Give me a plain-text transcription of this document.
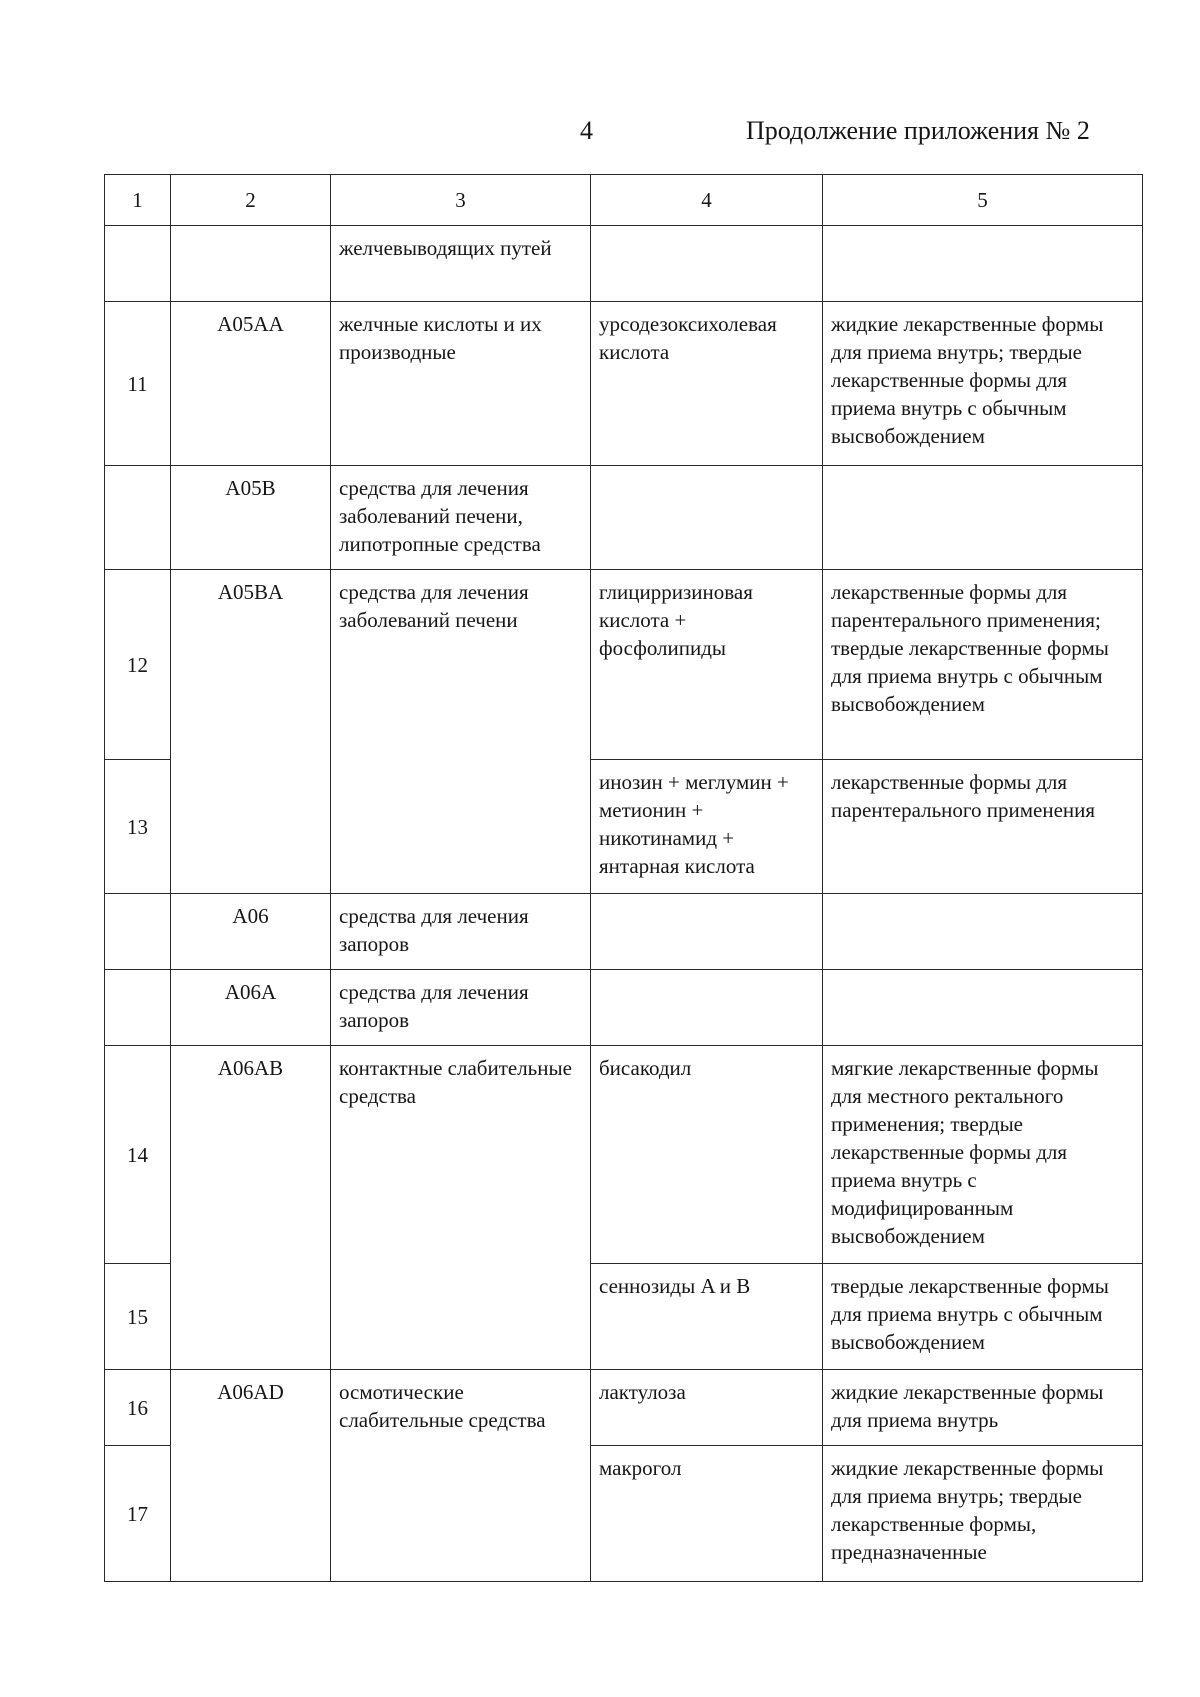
4	Продолжение приложения № 2
1	2	3	4	5
		желчевыводящих путей		
11	A05AA	желчные кислоты и их производные	урсодезоксихолевая кислота	жидкие лекарственные формы для приема внутрь; твердые лекарственные формы для приема внутрь с обычным высвобождением
	A05B	средства для лечения заболеваний печени, липотропные средства		
12	A05BA	средства для лечения заболеваний печени	глицирризиновая кислота + фосфолипиды	лекарственные формы для парентерального применения; твердые лекарственные формы для приема внутрь с обычным высвобождением
13			инозин + меглумин + метионин + никотинамид + янтарная кислота	лекарственные формы для парентерального применения
	A06	средства для лечения запоров		
	A06A	средства для лечения запоров		
14	A06AB	контактные слабительные средства	бисакодил	мягкие лекарственные формы для местного ректального применения; твердые лекарственные формы для приема внутрь с модифицированным высвобождением
15			сеннозиды A и B	твердые лекарственные формы для приема внутрь с обычным высвобождением
16	A06AD	осмотические слабительные средства	лактулоза	жидкие лекарственные формы для приема внутрь
17			макрогол	жидкие лекарственные формы для приема внутрь; твердые лекарственные формы, предназначенные
